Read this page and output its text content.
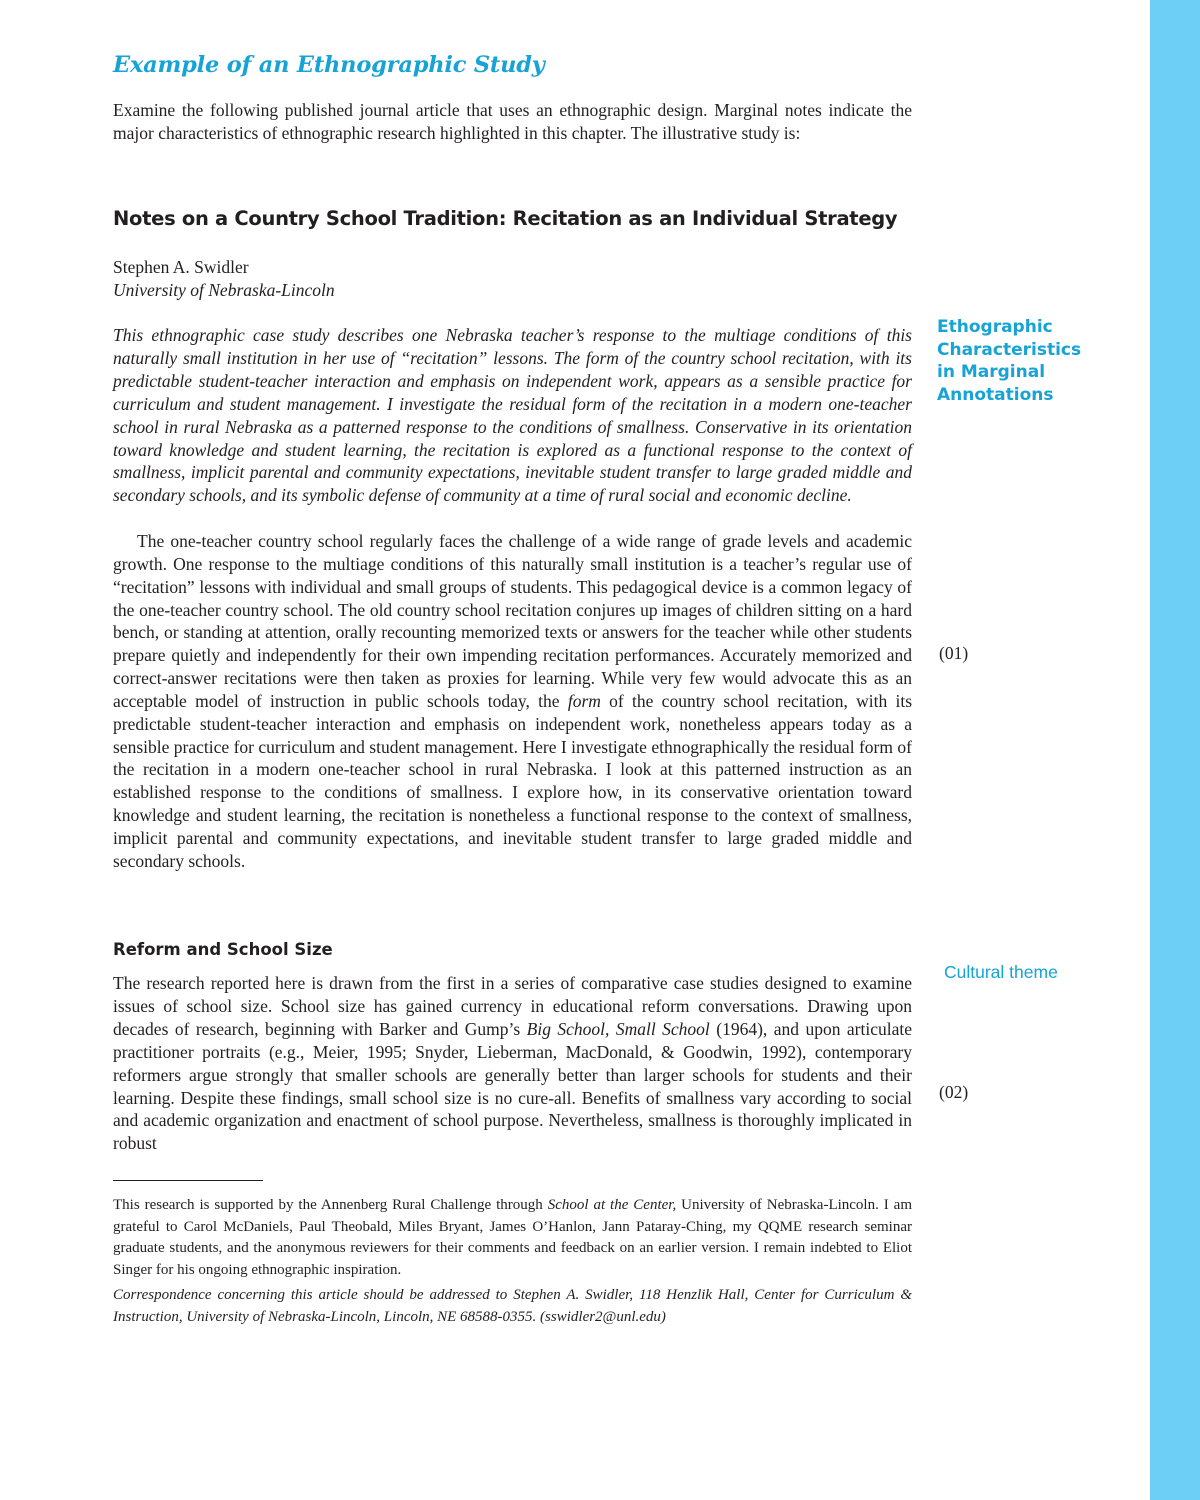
Example of an Ethnographic Study

Examine the following published journal article that uses an ethnographic design. Marginal notes indicate the major characteristics of ethnographic research highlighted in this chapter. The illustrative study is:

Notes on a Country School Tradition: Recitation as an Individual Strategy

Stephen A. Swidler

University of Nebraska-Lincoln

This ethnographic case study describes one Nebraska teacher’s response to the multiage conditions of this naturally small institution in her use of “recitation” lessons. The form of the country school recitation, with its predictable student-teacher interaction and emphasis on independent work, appears as a sensible practice for curriculum and student management. I investigate the residual form of the recitation in a modern one-teacher school in rural Nebraska as a patterned response to the conditions of smallness. Conservative in its orientation toward knowledge and student learning, the recitation is explored as a functional response to the context of smallness, implicit parental and community expectations, inevitable student transfer to large graded middle and secondary schools, and its symbolic defense of community at a time of rural social and economic decline.

The one-teacher country school regularly faces the challenge of a wide range of grade levels and academic growth. One response to the multiage conditions of this naturally small institution is a teacher’s regular use of “recitation” lessons with individual and small groups of students. This pedagogical device is a common legacy of the one-teacher country school. The old country school recitation conjures up images of children sitting on a hard bench, or standing at attention, orally recounting memorized texts or answers for the teacher while other students prepare quietly and independently for their own impending recitation performances. Accurately memorized and correct-answer recitations were then taken as proxies for learning. While very few would advocate this as an acceptable model of instruction in public schools today, the form of the country school recitation, with its predictable student-teacher interaction and emphasis on independent work, nonetheless appears today as a sensible practice for curriculum and student management. Here I investigate ethnographically the residual form of the recitation in a modern one-teacher school in rural Nebraska. I look at this patterned instruction as an established response to the conditions of smallness. I explore how, in its conservative orientation toward knowledge and student learning, the recitation is nonetheless a functional response to the context of smallness, implicit parental and community expectations, and inevitable student transfer to large graded middle and secondary schools.

Reform and School Size

The research reported here is drawn from the first in a series of comparative case studies designed to examine issues of school size. School size has gained currency in educational reform conversations. Drawing upon decades of research, beginning with Barker and Gump’s Big School, Small School (1964), and upon articulate practitioner portraits (e.g., Meier, 1995; Snyder, Lieberman, MacDonald, & Goodwin, 1992), contemporary reformers argue strongly that smaller schools are generally better than larger schools for students and their learning. Despite these findings, small school size is no cure-all. Benefits of smallness vary according to social and academic organization and enactment of school purpose. Nevertheless, smallness is thoroughly implicated in robust

This research is supported by the Annenberg Rural Challenge through School at the Center, University of Nebraska-Lincoln. I am grateful to Carol McDaniels, Paul Theobald, Miles Bryant, James O’Hanlon, Jann Pataray-Ching, my QQME research seminar graduate students, and the anonymous reviewers for their comments and feedback on an earlier version. I remain indebted to Eliot Singer for his ongoing ethnographic inspiration.

Correspondence concerning this article should be addressed to Stephen A. Swidler, 118 Henzlik Hall, Center for Curriculum & Instruction, University of Nebraska-Lincoln, Lincoln, NE 68588-0355. (sswidler2@unl.edu)

Ethographic
Characteristics
in Marginal
Annotations
(01)
Cultural theme
(02)
